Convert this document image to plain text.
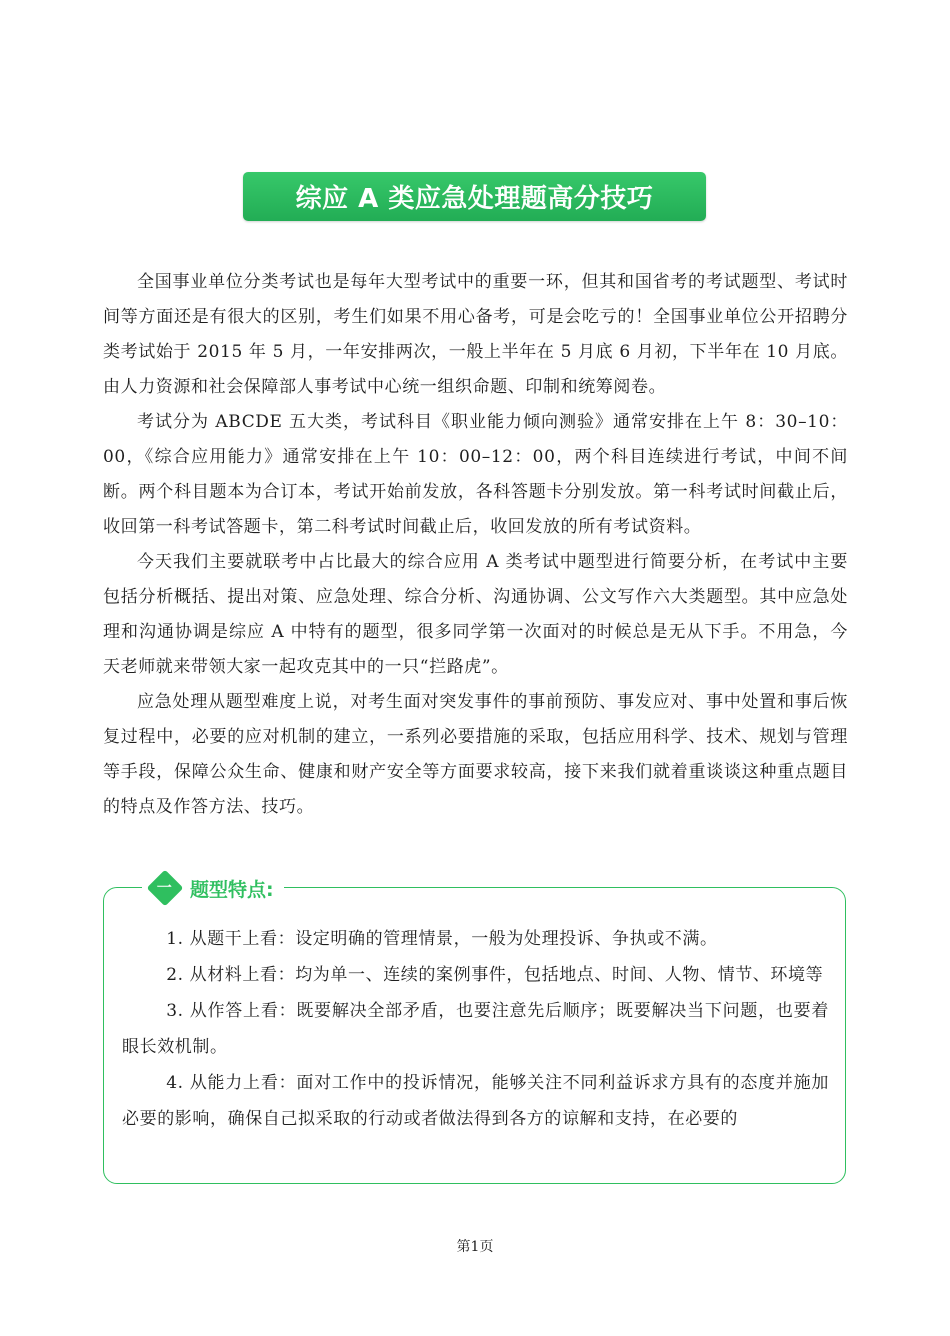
综应 A 类应急处理题高分技巧

全国事业单位分类考试也是每年大型考试中的重要一环，但其和国省考的考试题型、考试时间等方面还是有很大的区别，考生们如果不用心备考，可是会吃亏的！全国事业单位公开招聘分类考试始于 2015 年 5 月，一年安排两次，一般上半年在 5 月底 6 月初，下半年在 10 月底。由人力资源和社会保障部人事考试中心统一组织命题、印制和统筹阅卷。

考试分为 ABCDE 五大类，考试科目《职业能力倾向测验》通常安排在上午 8：30–10：00，《综合应用能力》通常安排在上午 10：00–12：00，两个科目连续进行考试，中间不间断。两个科目题本为合订本，考试开始前发放，各科答题卡分别发放。第一科考试时间截止后，收回第一科考试答题卡，第二科考试时间截止后，收回发放的所有考试资料。

今天我们主要就联考中占比最大的综合应用 A 类考试中题型进行简要分析，在考试中主要包括分析概括、提出对策、应急处理、综合分析、沟通协调、公文写作六大类题型。其中应急处理和沟通协调是综应 A 中特有的题型，很多同学第一次面对的时候总是无从下手。不用急，今天老师就来带领大家一起攻克其中的一只“拦路虎”。

应急处理从题型难度上说，对考生面对突发事件的事前预防、事发应对、事中处置和事后恢复过程中，必要的应对机制的建立，一系列必要措施的采取，包括应用科学、技术、规划与管理等手段，保障公众生命、健康和财产安全等方面要求较高，接下来我们就着重谈谈这种重点题目的特点及作答方法、技巧。

一 题型特点:

1. 从题干上看：设定明确的管理情景，一般为处理投诉、争执或不满。

2. 从材料上看：均为单一、连续的案例事件，包括地点、时间、人物、情节、环境等

3. 从作答上看：既要解决全部矛盾，也要注意先后顺序；既要解决当下问题，也要着眼长效机制。

4. 从能力上看：面对工作中的投诉情况，能够关注不同利益诉求方具有的态度并施加必要的影响，确保自己拟采取的行动或者做法得到各方的谅解和支持，在必要的

第1页
